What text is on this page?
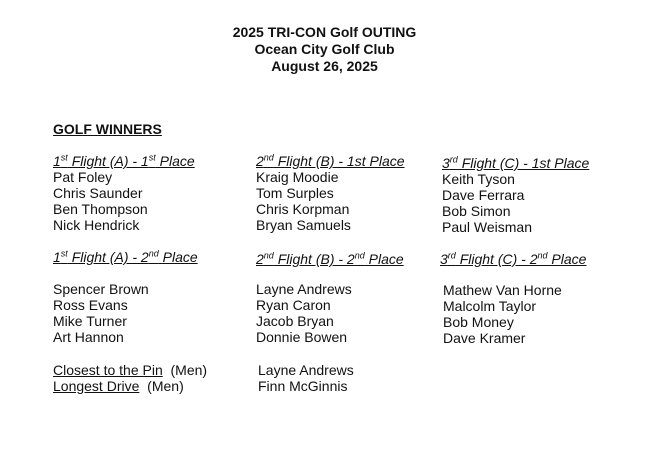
2025 TRI-CON Golf OUTING
Ocean City Golf Club
August 26, 2025
GOLF WINNERS
1st Flight (A) - 1st Place
Pat Foley
Chris Saunder
Ben Thompson
Nick Hendrick
2nd Flight (B) - 1st Place
Kraig Moodie
Tom Surples
Chris Korpman
Bryan Samuels
3rd Flight (C) - 1st Place
Keith Tyson
Dave Ferrara
Bob Simon
Paul Weisman
1st Flight (A) - 2nd Place
Spencer Brown
Ross Evans
Mike Turner
Art Hannon
2nd Flight (B) - 2nd Place
Layne Andrews
Ryan Caron
Jacob Bryan
Donnie Bowen
3rd Flight (C) - 2nd Place
Mathew Van Horne
Malcolm Taylor
Bob Money
Dave Kramer
Closest to the Pin  (Men)
Longest Drive  (Men)
Layne Andrews
Finn McGinnis
